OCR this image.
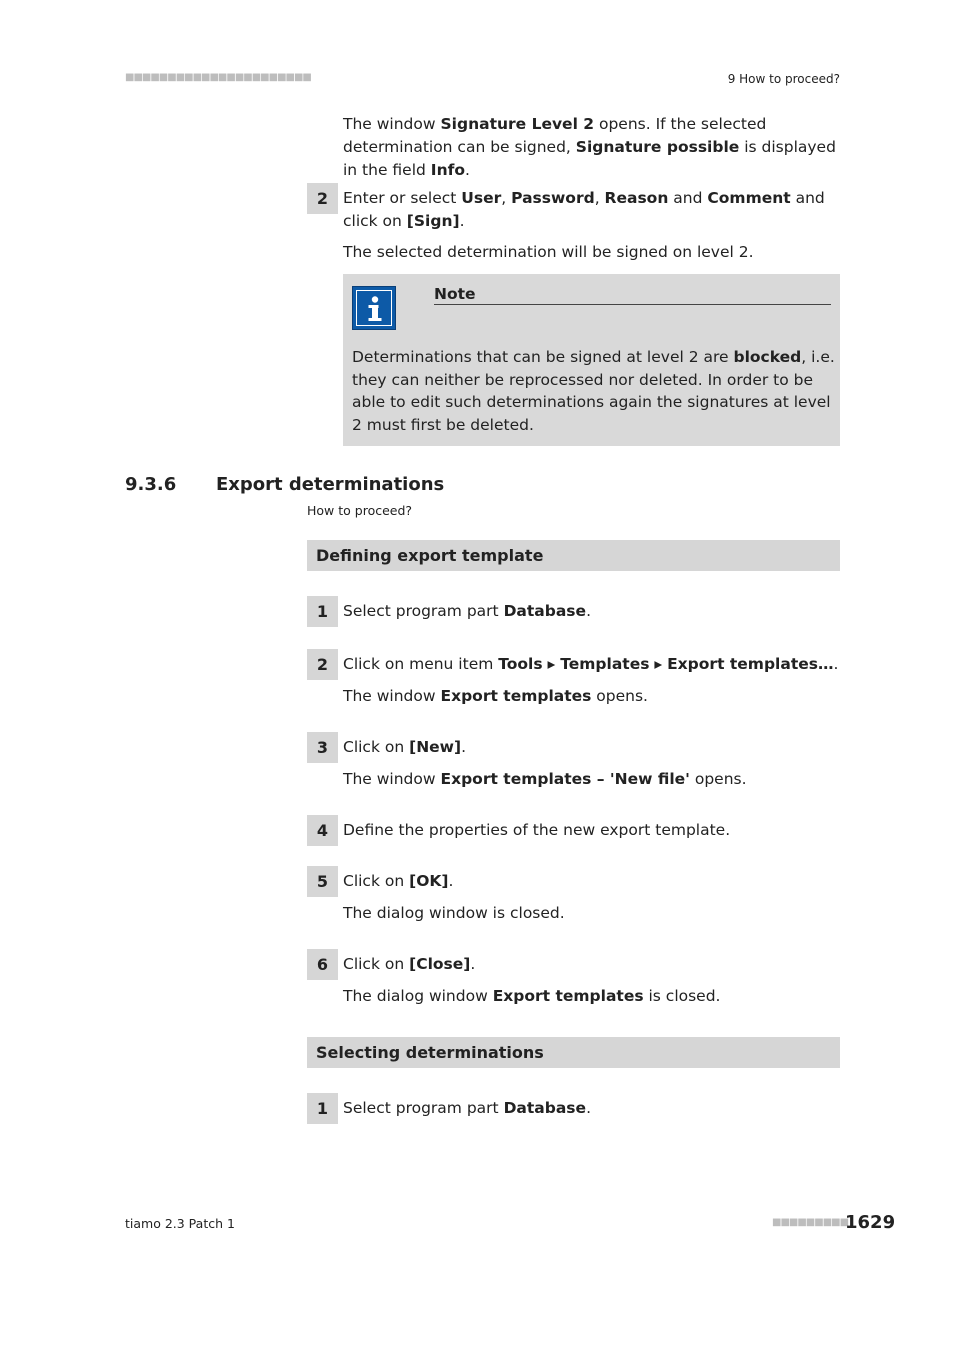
■■■■■■■■■■■■■■■■■■■■■■	9 How to proceed?
The window Signature Level 2 opens. If the selected determination can be signed, Signature possible is displayed in the field Info.
2 Enter or select User, Password, Reason and Comment and click on [Sign].
The selected determination will be signed on level 2.
Note
Determinations that can be signed at level 2 are blocked, i.e. they can neither be reprocessed nor deleted. In order to be able to edit such determinations again the signatures at level 2 must first be deleted.
9.3.6 Export determinations
How to proceed?
Defining export template
1 Select program part Database.
2 Click on menu item Tools ▸ Templates ▸ Export templates….
The window Export templates opens.
3 Click on [New].
The window Export templates – 'New file' opens.
4 Define the properties of the new export template.
5 Click on [OK].
The dialog window is closed.
6 Click on [Close].
The dialog window Export templates is closed.
Selecting determinations
1 Select program part Database.
tiamo 2.3 Patch 1	■■■■■■■■■
1629
